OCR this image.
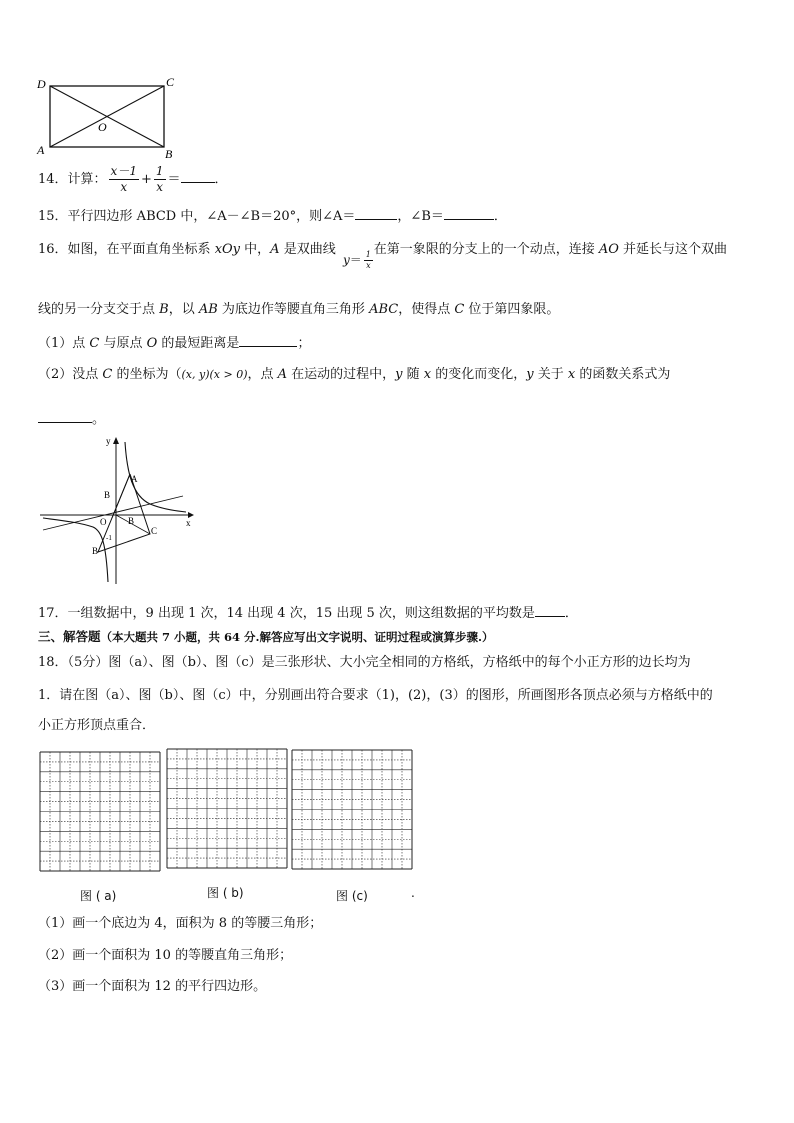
D	C
A	B
O
14．计算： $\frac{x-1}{x} + \frac{1}{x}$ ＝	．
15．平行四边形 ABCD 中，∠A－∠B＝20°，则∠A＝	，∠B＝	．
16．如图，在平面直角坐标系 xOy 中，A 是双曲线	在第一象限的分支上的一个动点，连接 AO 并延长与这个双曲
$y= \frac{1}{x}$
线的另一分支交于点 B，以 AB 为底边作等腰直角三角形 ABC，使得点 C 位于第四象限。
（1）点 C 与原点 O 的最短距离是	；
（2）没点 C 的坐标为（(x, y)(x > 0)，点 A 在运动的过程中，y 随 x 的变化而变化，y 关于 x 的函数关系式为
。
y
x
A
B
B
O
C
B
-1
17．一组数据中，9 出现 1 次，14 出现 4 次，15 出现 5 次，则这组数据的平均数是 ．
三、解答题（本大题共 7 小题，共 64 分.解答应写出文字说明、证明过程或演算步骤.）
18．（5分）图（a）、图（b）、图（c）是三张形状、大小完全相同的方格纸，方格纸中的每个小正方形的边长均为
1．请在图（a）、图（b）、图（c）中，分别画出符合要求（1)，(2)，(3）的图形，所画图形各顶点必须与方格纸中的
小正方形顶点重合．
图 ( a)	图 ( b)	图 (c)	.
（1）画一个底边为 4，面积为 8 的等腰三角形；
（2）画一个面积为 10 的等腰直角三角形；
（3）画一个面积为 12 的平行四边形。
